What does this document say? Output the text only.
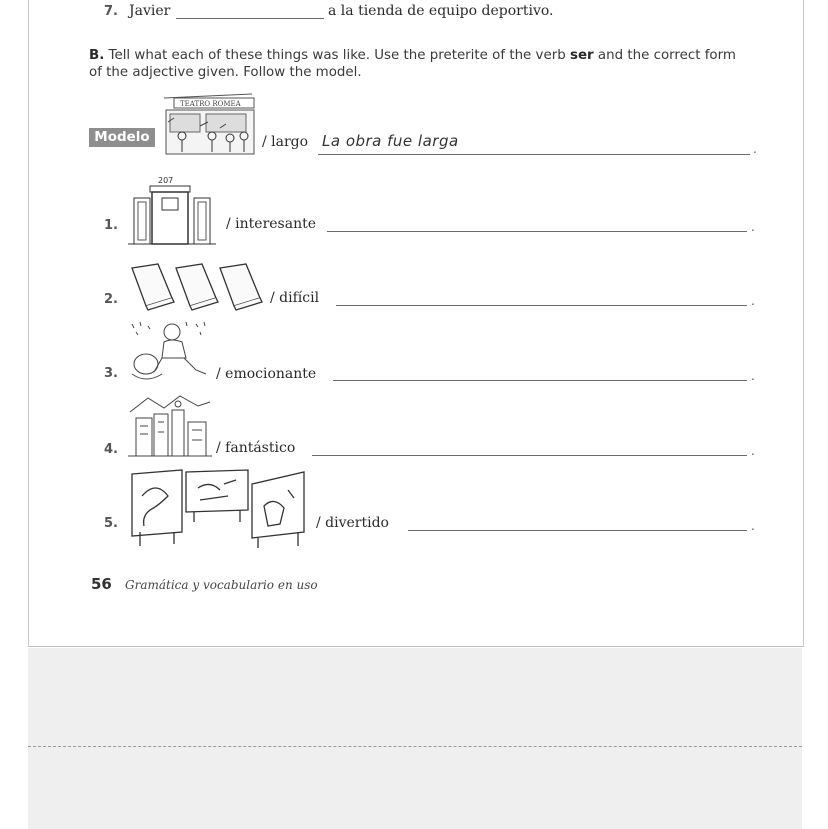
7. Javier	a la tienda de equipo deportivo.
B. Tell what each of these things was like. Use the preterite of the verb ser and the correct form of the adjective given. Follow the model.
Modelo
TEATRO ROMEA
/ largo La obra fue larga	.
1.
207
/ interesante	.
2.	/ difícil	.
3.	/ emocionante	.
4.	/ fantástico	.
5.	/ divertido	.
56 Gramática y vocabulario en uso
